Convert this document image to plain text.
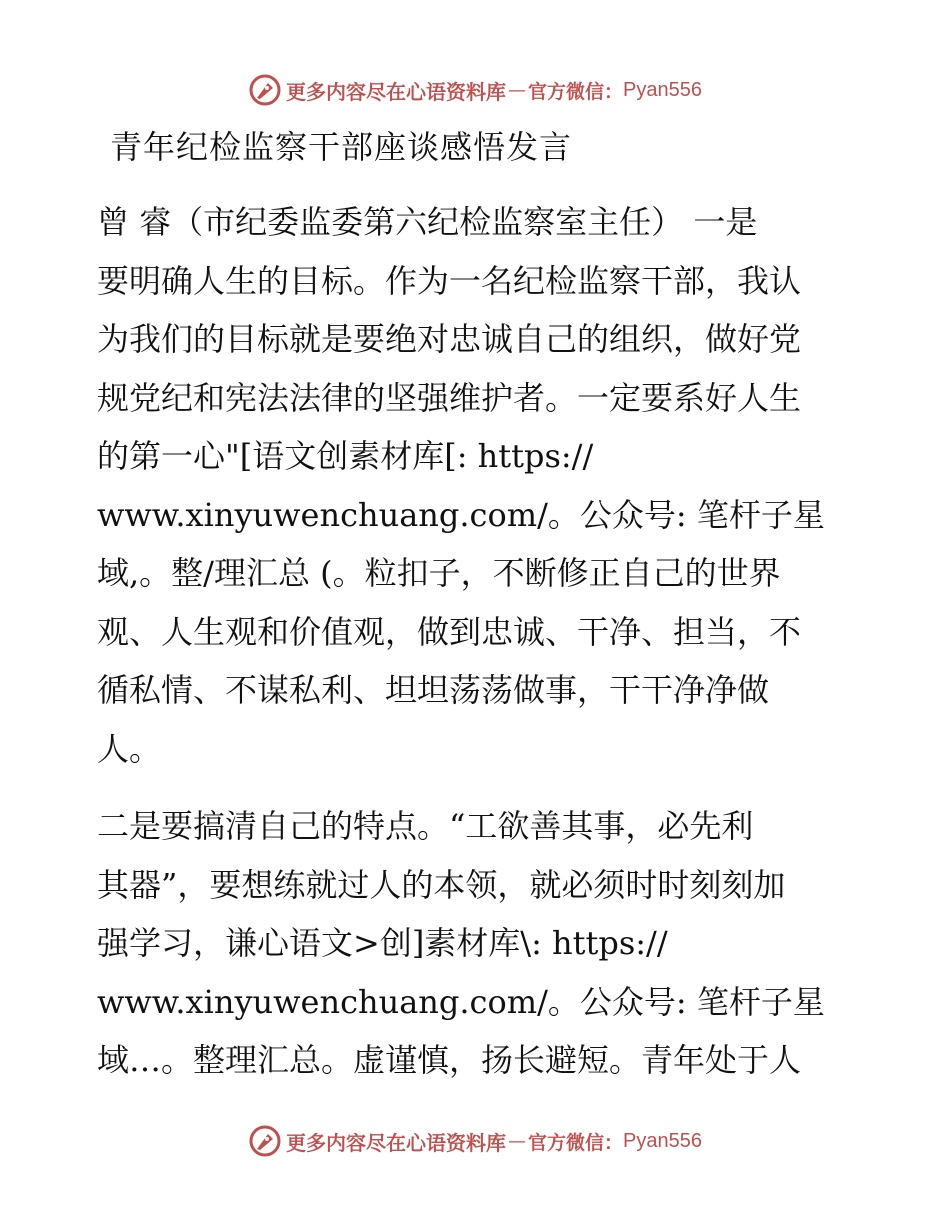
更多内容尽在心语资料库 — 官方微信： Pyan556
青年纪检监察干部座谈感悟发言
曾 睿（市纪委监委第六纪检监察室主任） 一是
要明确人生的目标。作为一名纪检监察干部，我认
为我们的目标就是要绝对忠诚自己的组织，做好党
规党纪和宪法法律的坚强维护者。一定要系好人生
的第一心"[语文创素材库[: https://
www.xinyuwenchuang.com/。公众号: 笔杆子星
域,。整/理汇总 (。粒扣子，不断修正自己的世界
观、人生观和价值观，做到忠诚、干净、担当，不
循私情、不谋私利、坦坦荡荡做事，干干净净做
人。
二是要搞清自己的特点。“工欲善其事，必先利
其器”，要想练就过人的本领，就必须时时刻刻加
强学习，谦心语文>创]素材库\: https://
www.xinyuwenchuang.com/。公众号: 笔杆子星
域…。整理汇总。虚谨慎，扬长避短。青年处于人
更多内容尽在心语资料库 — 官方微信： Pyan556
